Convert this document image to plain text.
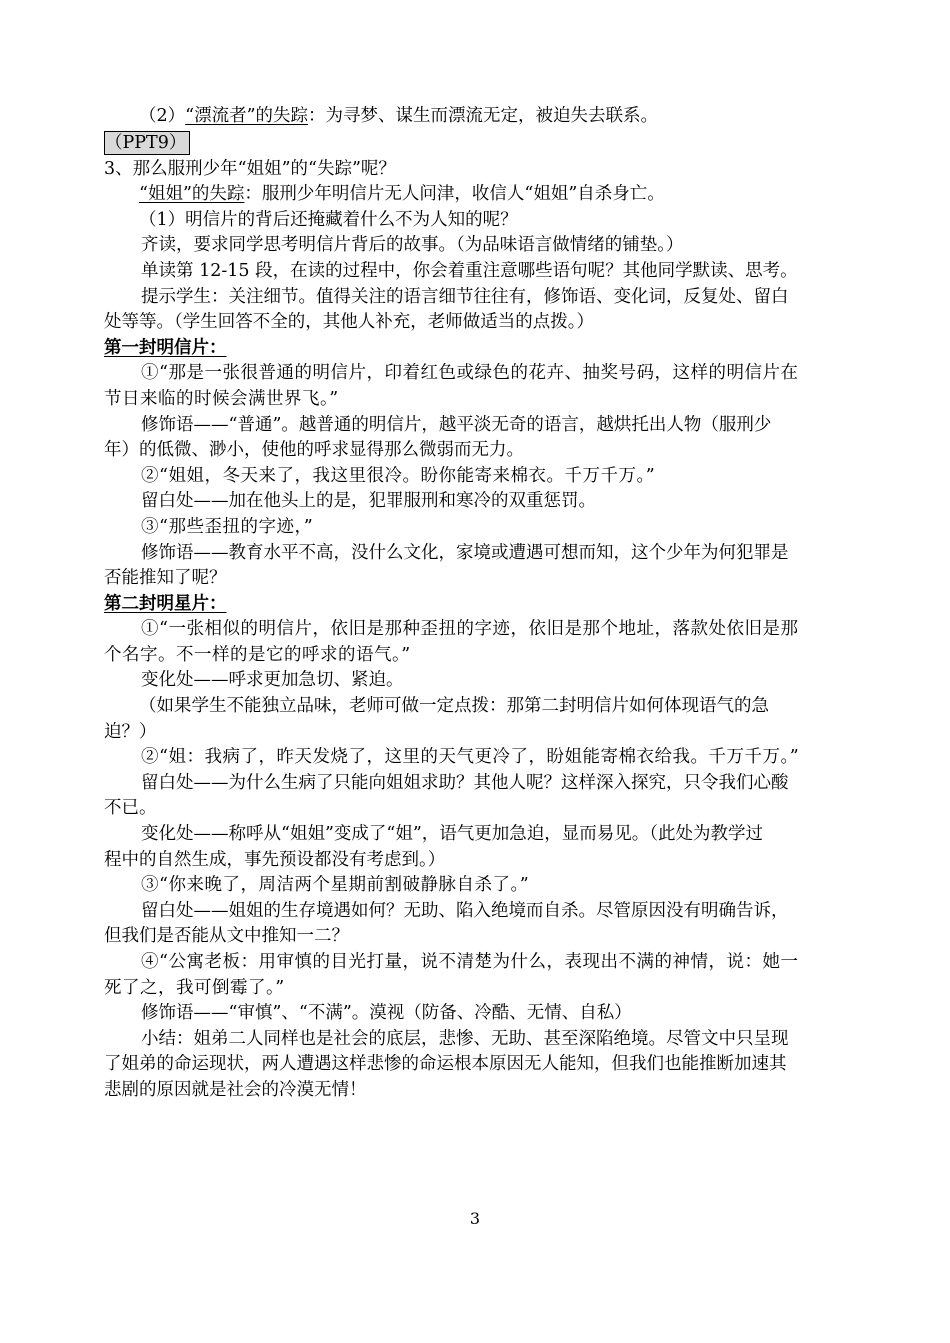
（2）“漂流者”的失踪：为寻梦、谋生而漂流无定，被迫失去联系。
（PPT9）
3、那么服刑少年“姐姐”的“失踪”呢？
“姐姐”的失踪：服刑少年明信片无人问津，收信人“姐姐”自杀身亡。
（1）明信片的背后还掩藏着什么不为人知的呢？
齐读，要求同学思考明信片背后的故事。（为品味语言做情绪的铺垫。）
单读第 12-15 段，在读的过程中，你会着重注意哪些语句呢？其他同学默读、思考。
提示学生：关注细节。值得关注的语言细节往往有，修饰语、变化词，反复处、留白
处等等。（学生回答不全的，其他人补充，老师做适当的点拨。）
第一封明信片：
①“那是一张很普通的明信片，印着红色或绿色的花卉、抽奖号码，这样的明信片在
节日来临的时候会满世界飞。”
修饰语——“普通”。越普通的明信片，越平淡无奇的语言，越烘托出人物（服刑少
年）的低微、渺小，使他的呼求显得那么微弱而无力。
②“姐姐，冬天来了，我这里很冷。盼你能寄来棉衣。千万千万。”
留白处——加在他头上的是，犯罪服刑和寒冷的双重惩罚。
③“那些歪扭的字迹，”
修饰语——教育水平不高，没什么文化，家境或遭遇可想而知，这个少年为何犯罪是
否能推知了呢？
第二封明星片：
①“一张相似的明信片，依旧是那种歪扭的字迹，依旧是那个地址，落款处依旧是那
个名字。不一样的是它的呼求的语气。”
变化处——呼求更加急切、紧迫。
（如果学生不能独立品味，老师可做一定点拨：那第二封明信片如何体现语气的急
迫？）
②“姐：我病了，昨天发烧了，这里的天气更冷了，盼姐能寄棉衣给我。千万千万。”
留白处——为什么生病了只能向姐姐求助？其他人呢？这样深入探究，只令我们心酸
不已。
变化处——称呼从“姐姐”变成了“姐”，语气更加急迫，显而易见。（此处为教学过
程中的自然生成，事先预设都没有考虑到。）
③“你来晚了，周洁两个星期前割破静脉自杀了。”
留白处——姐姐的生存境遇如何？无助、陷入绝境而自杀。尽管原因没有明确告诉，
但我们是否能从文中推知一二？
④“公寓老板：用审慎的目光打量，说不清楚为什么，表现出不满的神情，说：她一
死了之，我可倒霉了。”
修饰语——“审慎”、“不满”。漠视（防备、冷酷、无情、自私）
小结：姐弟二人同样也是社会的底层，悲惨、无助、甚至深陷绝境。尽管文中只呈现
了姐弟的命运现状，两人遭遇这样悲惨的命运根本原因无人能知，但我们也能推断加速其
悲剧的原因就是社会的冷漠无情！
3
